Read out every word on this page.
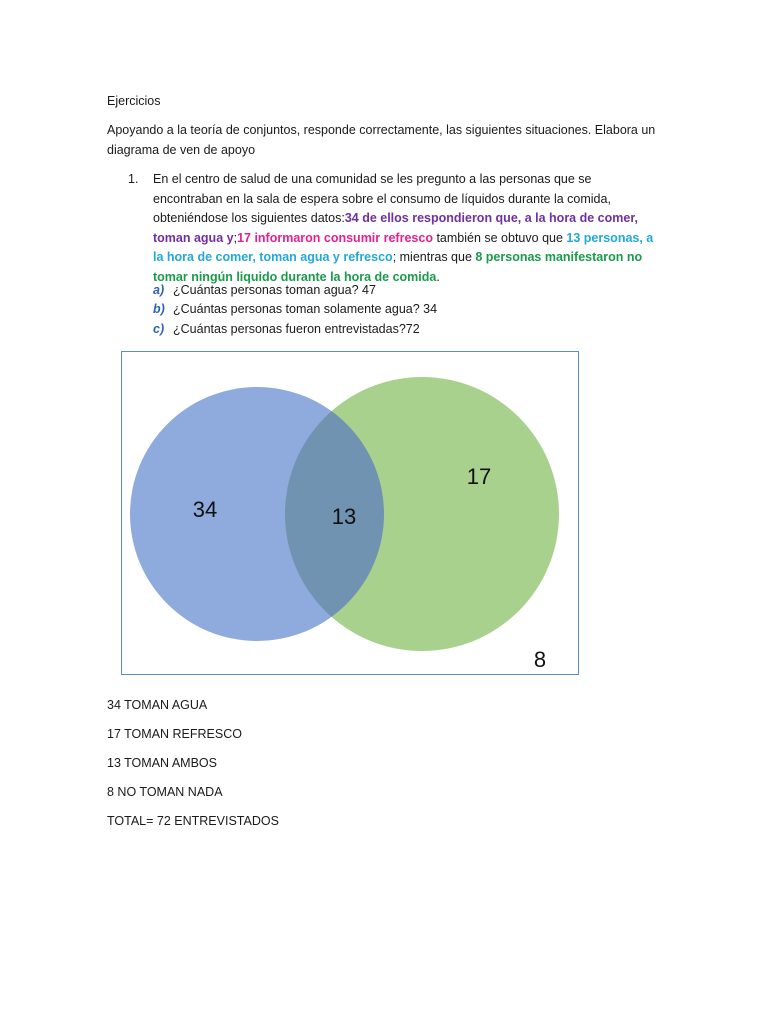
Ejercicios
Apoyando a la teoría de conjuntos, responde correctamente, las siguientes situaciones. Elabora un diagrama de ven de apoyo
1. En el centro de salud de una comunidad se les pregunto a las personas que se encontraban en la sala de espera sobre el consumo de líquidos durante la comida, obteniéndose los siguientes datos:34 de ellos respondieron que, a la hora de comer, toman agua y;17 informaron consumir refresco también se obtuvo que 13 personas, a la hora de comer, toman agua y refresco; mientras que 8 personas manifestaron no tomar ningún liquido durante la hora de comida.
a) ¿Cuántas personas toman agua? 47
b) ¿Cuántas personas toman solamente agua? 34
c) ¿Cuántas personas fueron entrevistadas?72
34	13
17
8
34 TOMAN AGUA
17 TOMAN REFRESCO
13 TOMAN AMBOS
8 NO TOMAN NADA
TOTAL= 72 ENTREVISTADOS
